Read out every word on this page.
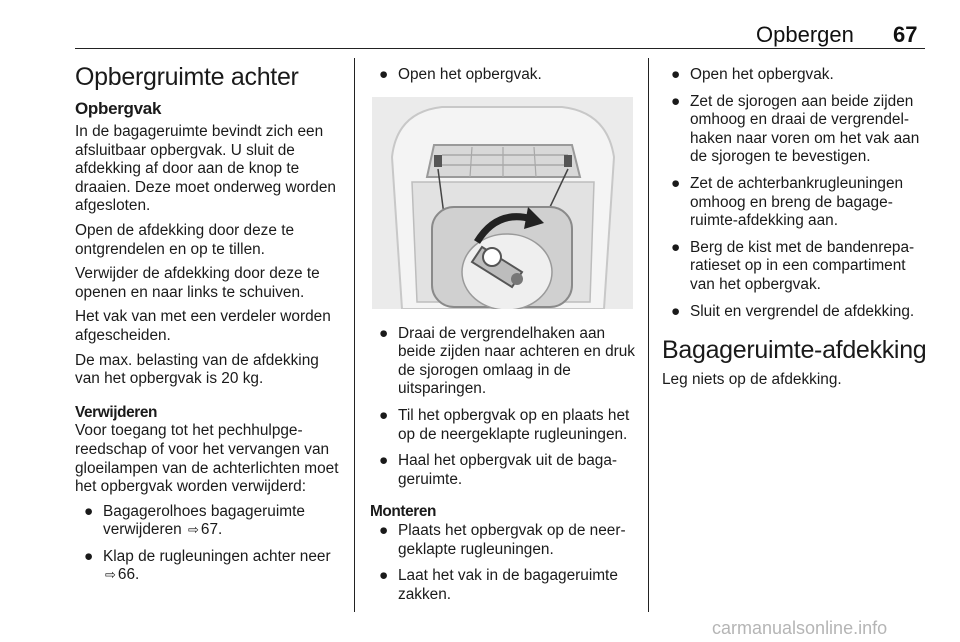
Opbergen 67
Opbergruimte achter
Opbergvak

In de bagageruimte bevindt zich een afsluitbaar opbergvak. U sluit de afdekking af door aan de knop te draaien. Deze moet onderweg worden afgesloten.

Open de afdekking door deze te ontgrendelen en op te tillen.

Verwijder de afdekking door deze te openen en naar links te schuiven.

Het vak van met een verdeler worden afgescheiden.

De max. belasting van de afdekking van het opbergvak is 20 kg.

Verwijderen

Voor toegang tot het pechhulpgereedschap of voor het vervangen van gloeilampen van de achterlichten moet het opbergvak worden verwijderd:

● Bagagerolhoes bagageruimte verwijderen ⇨ 67.
● Klap de rugleuningen achter neer ⇨ 66.
● Open het opbergvak.
● Draai de vergrendelhaken aan beide zijden naar achteren en druk de sjorogen omlaag in de uitsparingen.
● Til het opbergvak op en plaats het op de neergeklapte rugleuningen.
● Haal het opbergvak uit de bagageruimte.
Monteren
● Plaats het opbergvak op de neergeklapte rugleuningen.
● Laat het vak in de bagageruimte zakken.
● Open het opbergvak.
● Zet de sjorogen aan beide zijden omhoog en draai de vergrendelhaken naar voren om het vak aan de sjorogen te bevestigen.
● Zet de achterbankrugleuningen omhoog en breng de bagageruimte-afdekking aan.
● Berg de kist met de bandenreparatieset op in een compartiment van het opbergvak.
● Sluit en vergrendel de afdekking.
Bagageruimte-afdekking

Leg niets op de afdekking.

carmanualsonline.info
